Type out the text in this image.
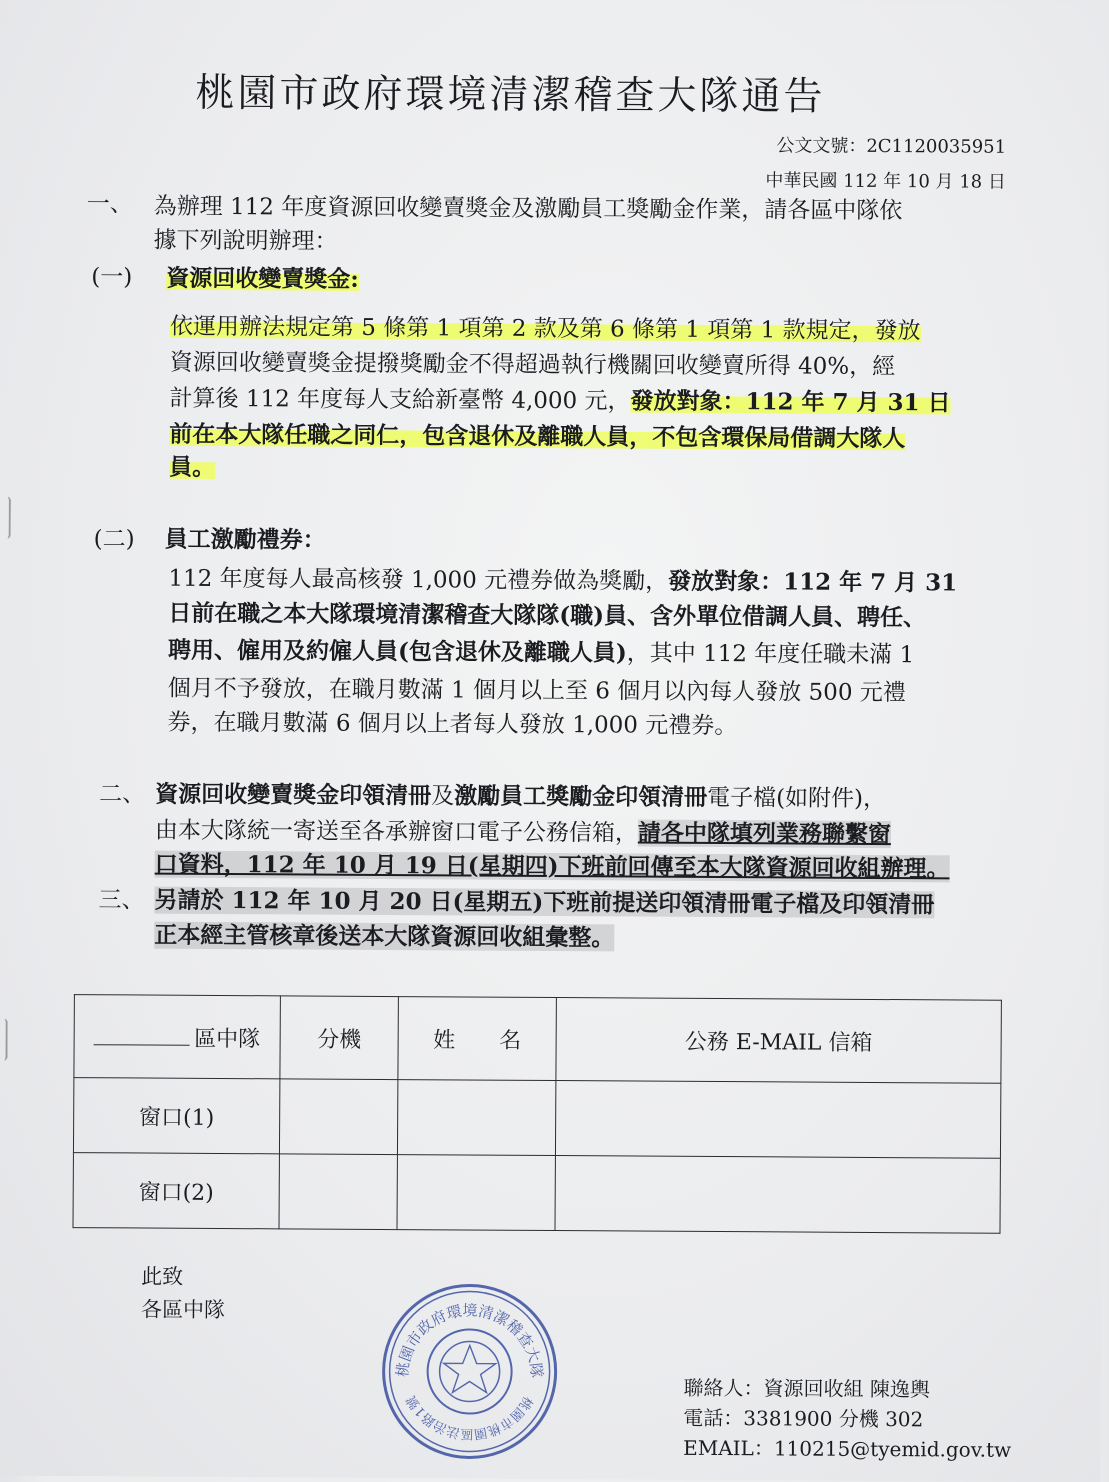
桃園市政府環境清潔稽查大隊通告
公文文號：2C1120035951
中華民國 112 年 10 月 18 日
一、 為辦理 112 年度資源回收變賣獎金及激勵員工獎勵金作業，請各區中隊依
據下列說明辦理：
(一) 資源回收變賣獎金:
依運用辦法規定第 5 條第 1 項第 2 款及第 6 條第 1 項第 1 款規定，發放
資源回收變賣獎金提撥獎勵金不得超過執行機關回收變賣所得 40%，經
計算後 112 年度每人支給新臺幣 4,000 元，發放對象：112 年 7 月 31 日
前在本大隊任職之同仁，包含退休及離職人員，不包含環保局借調大隊人
員。
(二) 員工激勵禮券：
112 年度每人最高核發 1,000 元禮券做為獎勵，發放對象：112 年 7 月 31
日前在職之本大隊環境清潔稽查大隊隊(職)員、含外單位借調人員、聘任、
聘用、僱用及約僱人員(包含退休及離職人員)，其中 112 年度任職未滿 1
個月不予發放，在職月數滿 1 個月以上至 6 個月以內每人發放 500 元禮
券，在職月數滿 6 個月以上者每人發放 1,000 元禮券。
二、 資源回收變賣獎金印領清冊及激勵員工獎勵金印領清冊電子檔(如附件)，
由本大隊統一寄送至各承辦窗口電子公務信箱，請各中隊填列業務聯繫窗
口資料，112 年 10 月 19 日(星期四)下班前回傳至本大隊資源回收組辦理。
三、 另請於 112 年 10 月 20 日(星期五)下班前提送印領清冊電子檔及印領清冊
正本經主管核章後送本大隊資源回收組彙整。
區中隊	分機	姓　　名	公務 E-MAIL 信箱
窗口(1)			
窗口(2)			
此致
各區中隊
桃園市政府環境清潔稽查大隊
桃園市桃園區法治路1號
聯絡人：資源回收組 陳逸輿
電話：3381900 分機 302
EMAIL：110215@tyemid.gov.tw
